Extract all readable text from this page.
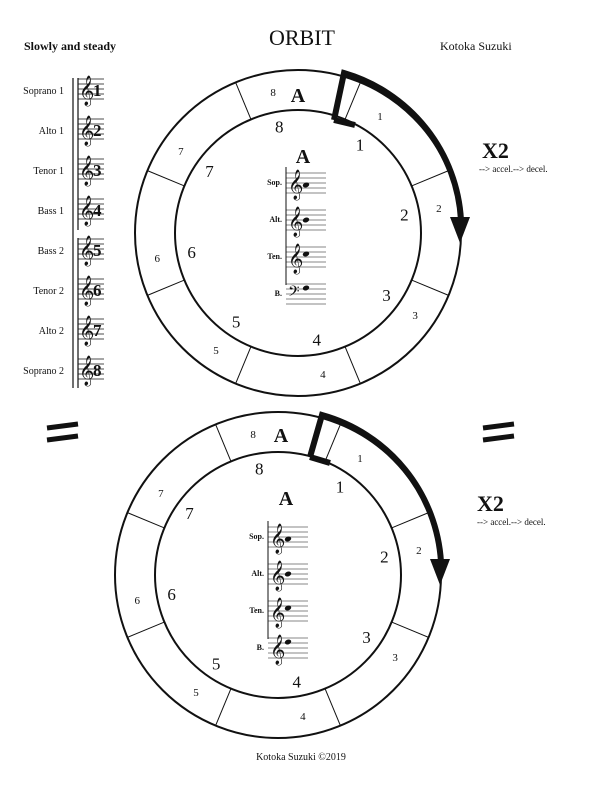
Slowly and steady	ORBIT	Kotoka Suzuki
Soprano 1 𝄞
1
Alto 1 𝄞
2
Tenor 1 𝄞
3
Bass 1 𝄞
4
Bass 2 𝄞
5
Tenor 2 𝄞
6
Alto 2 𝄞
7
Soprano 2 𝄞
8
1
2
3
4
5
6
7
8
1
2
3
4
5
6
7
8
A
A
Sop. 𝄞
Alt. 𝄞
Ten. 𝄞
B. 𝄢
X2
--> accel.--> decel.
1
2
3
4
5
6
7
8
1
2
3
4
5
6
7
8
A
A
Sop. 𝄞
Alt. 𝄞
Ten. 𝄞
B. 𝄞
X2
--> accel.--> decel.
Kotoka Suzuki ©2019
